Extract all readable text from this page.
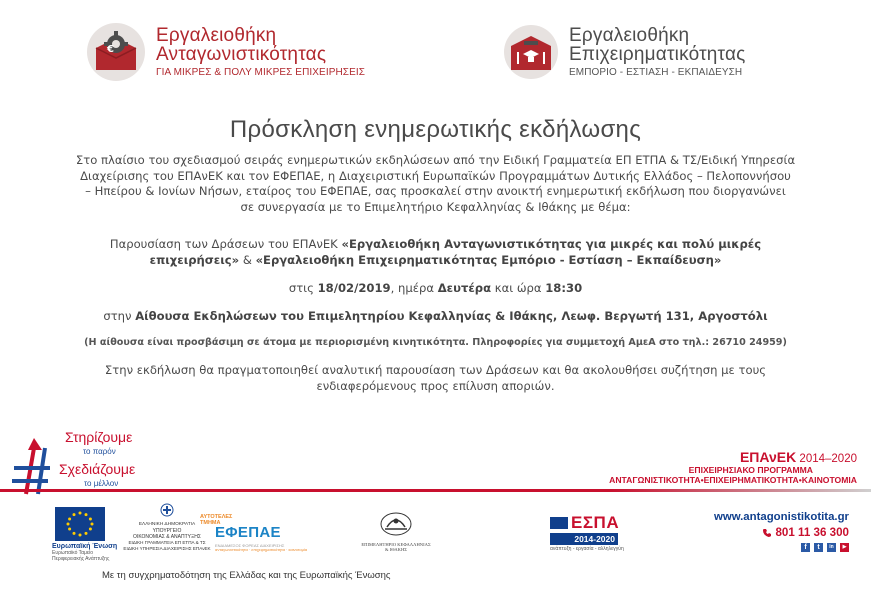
€
Εργαλειοθήκη
Ανταγωνιστικότητας
ΓΙΑ ΜΙΚΡΕΣ & ΠΟΛΥ ΜΙΚΡΕΣ ΕΠΙΧΕΙΡΗΣΕΙΣ
Εργαλειοθήκη
Επιχειρηματικότητας
ΕΜΠΟΡΙΟ - ΕΣΤΙΑΣΗ - ΕΚΠΑΙΔΕΥΣΗ
Πρόσκληση ενημερωτικής εκδήλωσης
Στο πλαίσιο του σχεδιασμού σειράς ενημερωτικών εκδηλώσεων από την Ειδική Γραμματεία ΕΠ ΕΤΠΑ & ΤΣ/Ειδική Υπηρεσία
Διαχείρισης του ΕΠΑνΕΚ και τον ΕΦΕΠΑΕ, η Διαχειριστική Ευρωπαϊκών Προγραμμάτων Δυτικής Ελλάδος – Πελοποννήσου
– Ηπείρου & Ιονίων Νήσων, εταίρος του ΕΦΕΠΑΕ, σας προσκαλεί στην ανοικτή ενημερωτική εκδήλωση που διοργανώνει
σε συνεργασία με το Επιμελητήριο Κεφαλληνίας & Ιθάκης με θέμα:
Παρουσίαση των Δράσεων του ΕΠΑνΕΚ «Εργαλειοθήκη Ανταγωνιστικότητας για μικρές και πολύ μικρές
επιχειρήσεις» & «Εργαλειοθήκη Επιχειρηματικότητας Εμπόριο - Εστίαση – Εκπαίδευση»
στις 18/02/2019, ημέρα Δευτέρα και ώρα 18:30
στην Αίθουσα Εκδηλώσεων του Επιμελητηρίου Κεφαλληνίας & Ιθάκης, Λεωφ. Βεργωτή 131, Αργοστόλι
(Η αίθουσα είναι προσβάσιμη σε άτομα με περιορισμένη κινητικότητα. Πληροφορίες για συμμετοχή ΑμεΑ στο τηλ.: 26710 24959)
Στην εκδήλωση θα πραγματοποιηθεί αναλυτική παρουσίαση των Δράσεων και θα ακολουθήσει συζήτηση με τους
ενδιαφερόμενους προς επίλυση αποριών.
Στηρίζουμε
το παρόν
Σχεδιάζουμε
το μέλλον
ΕΠΑνΕΚ 2014–2020
ΕΠΙΧΕΙΡΗΣΙΑΚΟ ΠΡΟΓΡΑΜΜΑ
ΑΝΤΑΓΩΝΙΣΤΙΚΟΤΗΤΑ•ΕΠΙΧΕΙΡΗΜΑΤΙΚΟΤΗΤΑ•ΚΑΙΝΟΤΟΜΙΑ
Ευρωπαϊκή Ένωση
Ευρωπαϊκό Ταμείο
Περιφερειακής Ανάπτυξης
ΕΛΛΗΝΙΚΗ ΔΗΜΟΚΡΑΤΙΑ
ΥΠΟΥΡΓΕΙΟ
ΟΙΚΟΝΟΜΙΑΣ & ΑΝΑΠΤΥΞΗΣ
ΕΙΔΙΚΗ ΓΡΑΜΜΑΤΕΙΑ ΕΠ ΕΤΠΑ & ΤΣ
ΕΙΔΙΚΗ ΥΠΗΡΕΣΙΑ ΔΙΑΧΕΙΡΙΣΗΣ ΕΠΑνΕΚ
ΑΥΤΟΤΕΛΕΣ ΤΜΗΜΑ
ΕΦΕΠΑΕ
ΕΝΔΙΑΜΕΣΟΣ ΦΟΡΕΑΣ ΔΙΑΧΕΙΡΙΣΗΣ
ανταγωνιστικότητα · επιχειρηματικότητα · καινοτομία
ΕΠΙΜΕΛΗΤΗΡΙΟ ΚΕΦΑΛΛΗΝΙΑΣ
& ΙΘΑΚΗΣ
ΕΣΠΑ
2014-2020
ανάπτυξη - εργασία - αλληλεγγύη
www.antagonistikotita.gr
801 11 36 300
f	t	in	▶
Με τη συγχρηματοδότηση της Ελλάδας και της Ευρωπαϊκής Ένωσης
